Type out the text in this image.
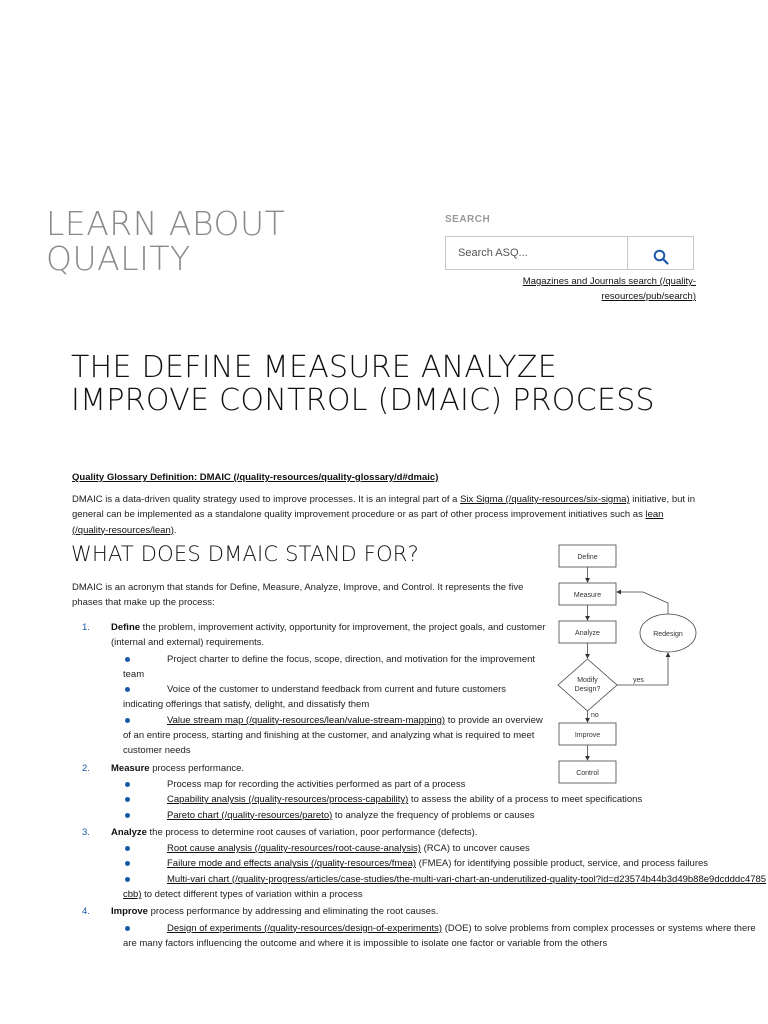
LEARN ABOUT
QUALITY
SEARCH
Search ASQ...
Magazines and Journals search (/quality-resources/pub/search)
THE DEFINE MEASURE ANALYZE IMPROVE CONTROL (DMAIC) PROCESS
Quality Glossary Definition: DMAIC (/quality-resources/quality-glossary/d#dmaic)

DMAIC is a data-driven quality strategy used to improve processes. It is an integral part of a Six Sigma (/quality-resources/six-sigma) initiative, but in general can be implemented as a standalone quality improvement procedure or as part of other process improvement initiatives such as lean (/quality-resources/lean).

WHAT DOES DMAIC STAND FOR?

DMAIC is an acronym that stands for Define, Measure, Analyze, Improve, and Control. It represents the five phases that make up the process:

1. Define the problem, improvement activity, opportunity for improvement, the project goals, and customer (internal and external) requirements.
Project charter to define the focus, scope, direction, and motivation for the improvement team
Voice of the customer to understand feedback from current and future customers indicating offerings that satisfy, delight, and dissatisfy them
Value stream map (/quality-resources/lean/value-stream-mapping) to provide an overview of an entire process, starting and finishing at the customer, and analyzing what is required to meet customer needs
2. Measure process performance.
Process map for recording the activities performed as part of a process
Capability analysis (/quality-resources/process-capability) to assess the ability of a process to meet specifications
Pareto chart (/quality-resources/pareto) to analyze the frequency of problems or causes
3. Analyze the process to determine root causes of variation, poor performance (defects).
Root cause analysis (/quality-resources/root-cause-analysis) (RCA) to uncover causes
Failure mode and effects analysis (/quality-resources/fmea) (FMEA) for identifying possible product, service, and process failures
Multi-vari chart (/quality-progress/articles/case-studies/the-multi-vari-chart-an-underutilized-quality-tool?id=d23574b44b3d49b88e9dcdddc4785cbb) to detect different types of variation within a process
4. Improve process performance by addressing and eliminating the root causes.
Design of experiments (/quality-resources/design-of-experiments) (DOE) to solve problems from complex processes or systems where there are many factors influencing the outcome and where it is impossible to isolate one factor or variable from the others
Define
Measure
Analyze
Modify
Design?
Redesign
yes
no
Improve
Control
